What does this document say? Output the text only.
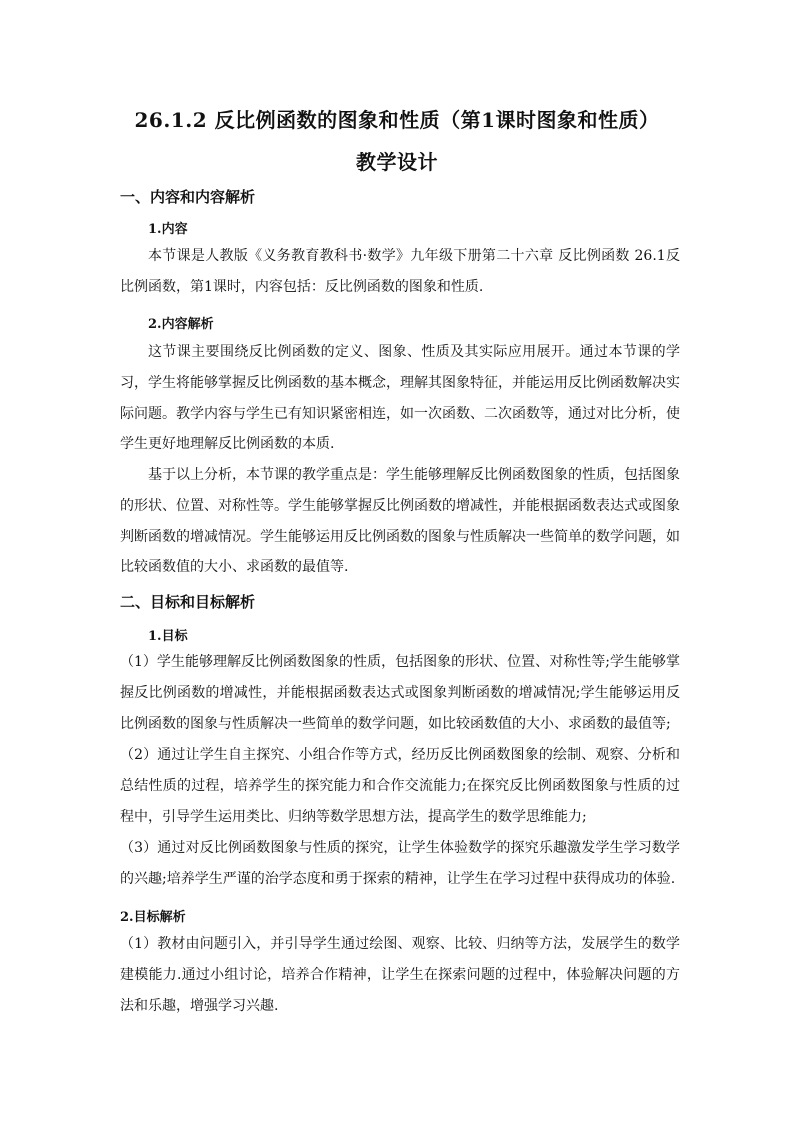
26.1.2 反比例函数的图象和性质（第1课时图象和性质）
教学设计
一、内容和内容解析
1.内容

本节课是人教版《义务教育教科书·数学》九年级下册第二十六章 反比例函数 26.1反比例函数，第1课时，内容包括：反比例函数的图象和性质.

2.内容解析

这节课主要围绕反比例函数的定义、图象、性质及其实际应用展开。通过本节课的学习，学生将能够掌握反比例函数的基本概念，理解其图象特征，并能运用反比例函数解决实际问题。教学内容与学生已有知识紧密相连，如一次函数、二次函数等，通过对比分析，使学生更好地理解反比例函数的本质.

基于以上分析，本节课的教学重点是：学生能够理解反比例函数图象的性质，包括图象的形状、位置、对称性等。学生能够掌握反比例函数的增减性，并能根据函数表达式或图象判断函数的增减情况。学生能够运用反比例函数的图象与性质解决一些简单的数学问题，如比较函数值的大小、求函数的最值等.

二、目标和目标解析
1.目标

（1）学生能够理解反比例函数图象的性质，包括图象的形状、位置、对称性等;学生能够掌握反比例函数的增减性，并能根据函数表达式或图象判断函数的增减情况;学生能够运用反比例函数的图象与性质解决一些简单的数学问题，如比较函数值的大小、求函数的最值等;

（2）通过让学生自主探究、小组合作等方式，经历反比例函数图象的绘制、观察、分析和总结性质的过程，培养学生的探究能力和合作交流能力;在探究反比例函数图象与性质的过程中，引导学生运用类比、归纳等数学思想方法，提高学生的数学思维能力;

（3）通过对反比例函数图象与性质的探究，让学生体验数学的探究乐趣激发学生学习数学的兴趣;培养学生严谨的治学态度和勇于探索的精神，让学生在学习过程中获得成功的体验.

2.目标解析

（1）教材由问题引入，并引导学生通过绘图、观察、比较、归纳等方法，发展学生的数学建模能力.通过小组讨论，培养合作精神，让学生在探索问题的过程中，体验解决问题的方法和乐趣，增强学习兴趣.
